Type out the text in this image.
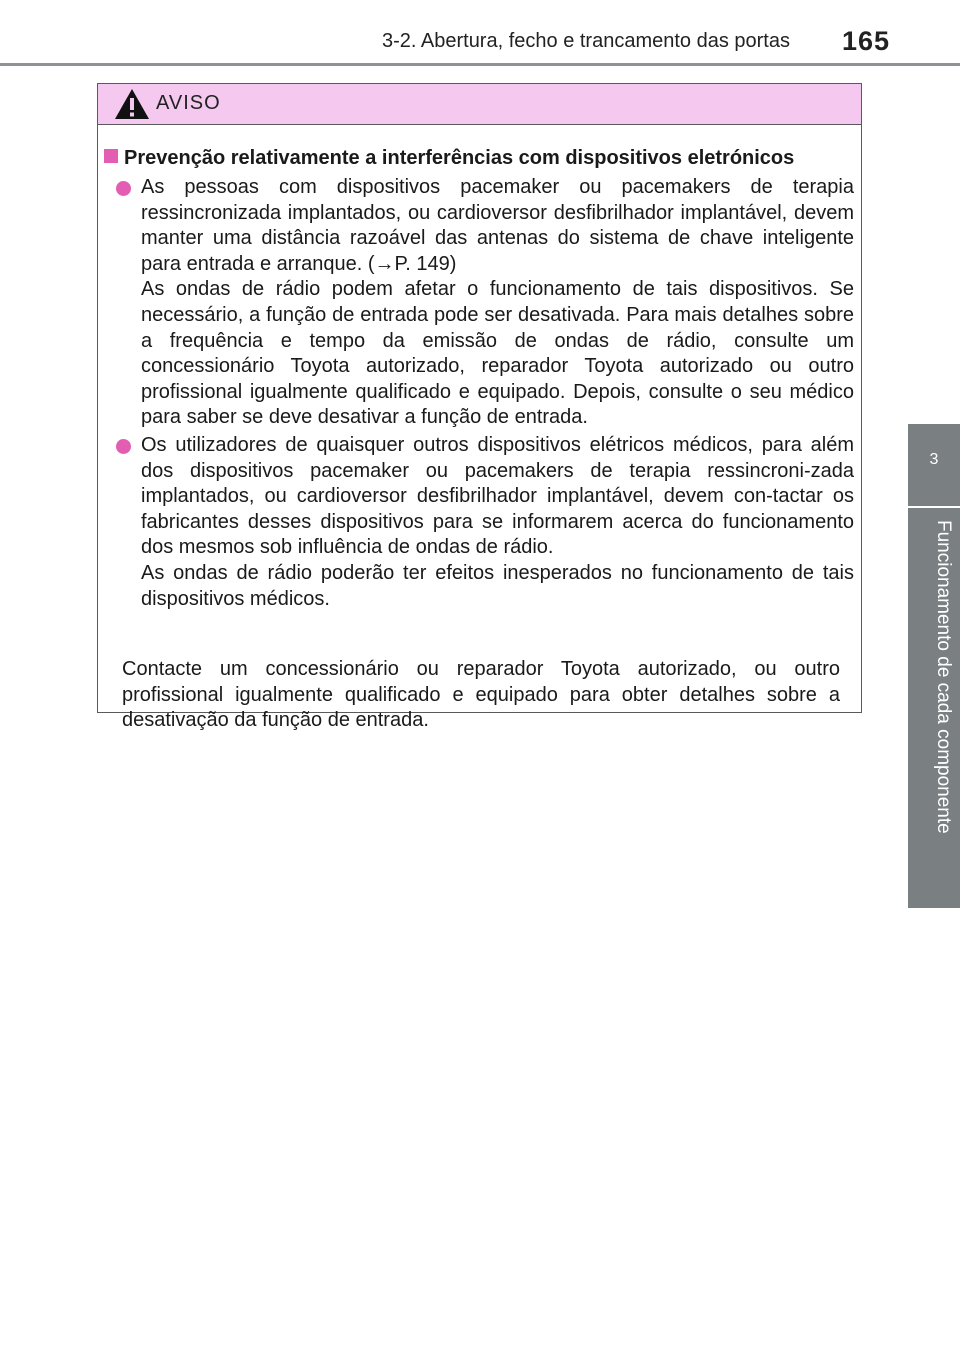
3-2. Abertura, fecho e trancamento das portas	165
3
Funcionamento de cada componente
AVISO
Prevenção relativamente a interferências com dispositivos eletrónicos

As pessoas com dispositivos pacemaker ou pacemakers de terapia ressincronizada implantados, ou cardioversor desfibrilhador implantável, devem manter uma distância razoável das antenas do sistema de chave inteligente para entrada e arranque. (→P. 149)

As ondas de rádio podem afetar o funcionamento de tais dispositivos. Se necessário, a função de entrada pode ser desativada. Para mais detalhes sobre a frequência e tempo da emissão de ondas de rádio, consulte um concessionário Toyota autorizado, reparador Toyota autorizado ou outro profissional igualmente qualificado e equipado. Depois, consulte o seu médico para saber se deve desativar a função de entrada.

Os utilizadores de quaisquer outros dispositivos elétricos médicos, para além dos dispositivos pacemaker ou pacemakers de terapia ressincroni-zada implantados, ou cardioversor desfibrilhador implantável, devem con-tactar os fabricantes desses dispositivos para se informarem acerca do funcionamento dos mesmos sob influência de ondas de rádio.

As ondas de rádio poderão ter efeitos inesperados no funcionamento de tais dispositivos médicos.

Contacte um concessionário ou reparador Toyota autorizado, ou outro profissional igualmente qualificado e equipado para obter detalhes sobre a desativação da função de entrada.
